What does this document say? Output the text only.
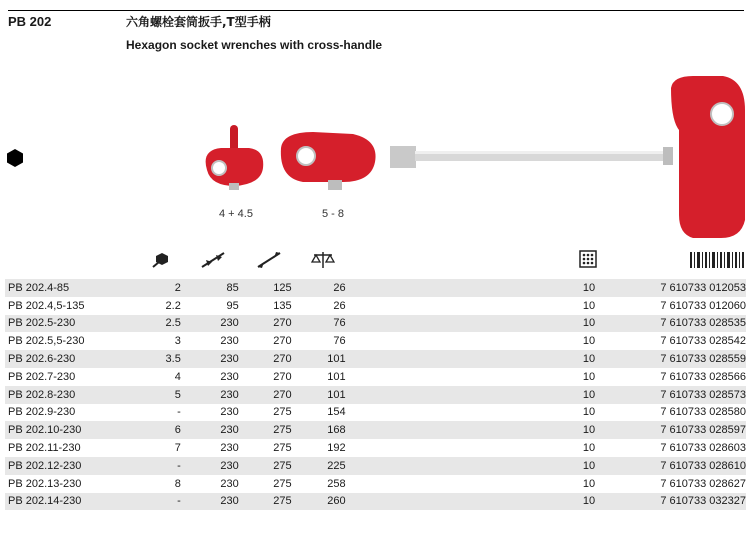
PB 202	六角螺栓套筒扳手,T型手柄
Hexagon socket wrenches with cross-handle
4 + 4.5	5 - 8
PB 202.4-85	2	85	125	26	10	7 610733 012053
PB 202.4,5-135	2.2	95	135	26	10	7 610733 012060
PB 202.5-230	2.5	230	270	76	10	7 610733 028535
PB 202.5,5-230	3	230	270	76	10	7 610733 028542
PB 202.6-230	3.5	230	270	101	10	7 610733 028559
PB 202.7-230	4	230	270	101	10	7 610733 028566
PB 202.8-230	5	230	270	101	10	7 610733 028573
PB 202.9-230	-	230	275	154	10	7 610733 028580
PB 202.10-230	6	230	275	168	10	7 610733 028597
PB 202.11-230	7	230	275	192	10	7 610733 028603
PB 202.12-230	-	230	275	225	10	7 610733 028610
PB 202.13-230	8	230	275	258	10	7 610733 028627
PB 202.14-230	-	230	275	260	10	7 610733 032327
